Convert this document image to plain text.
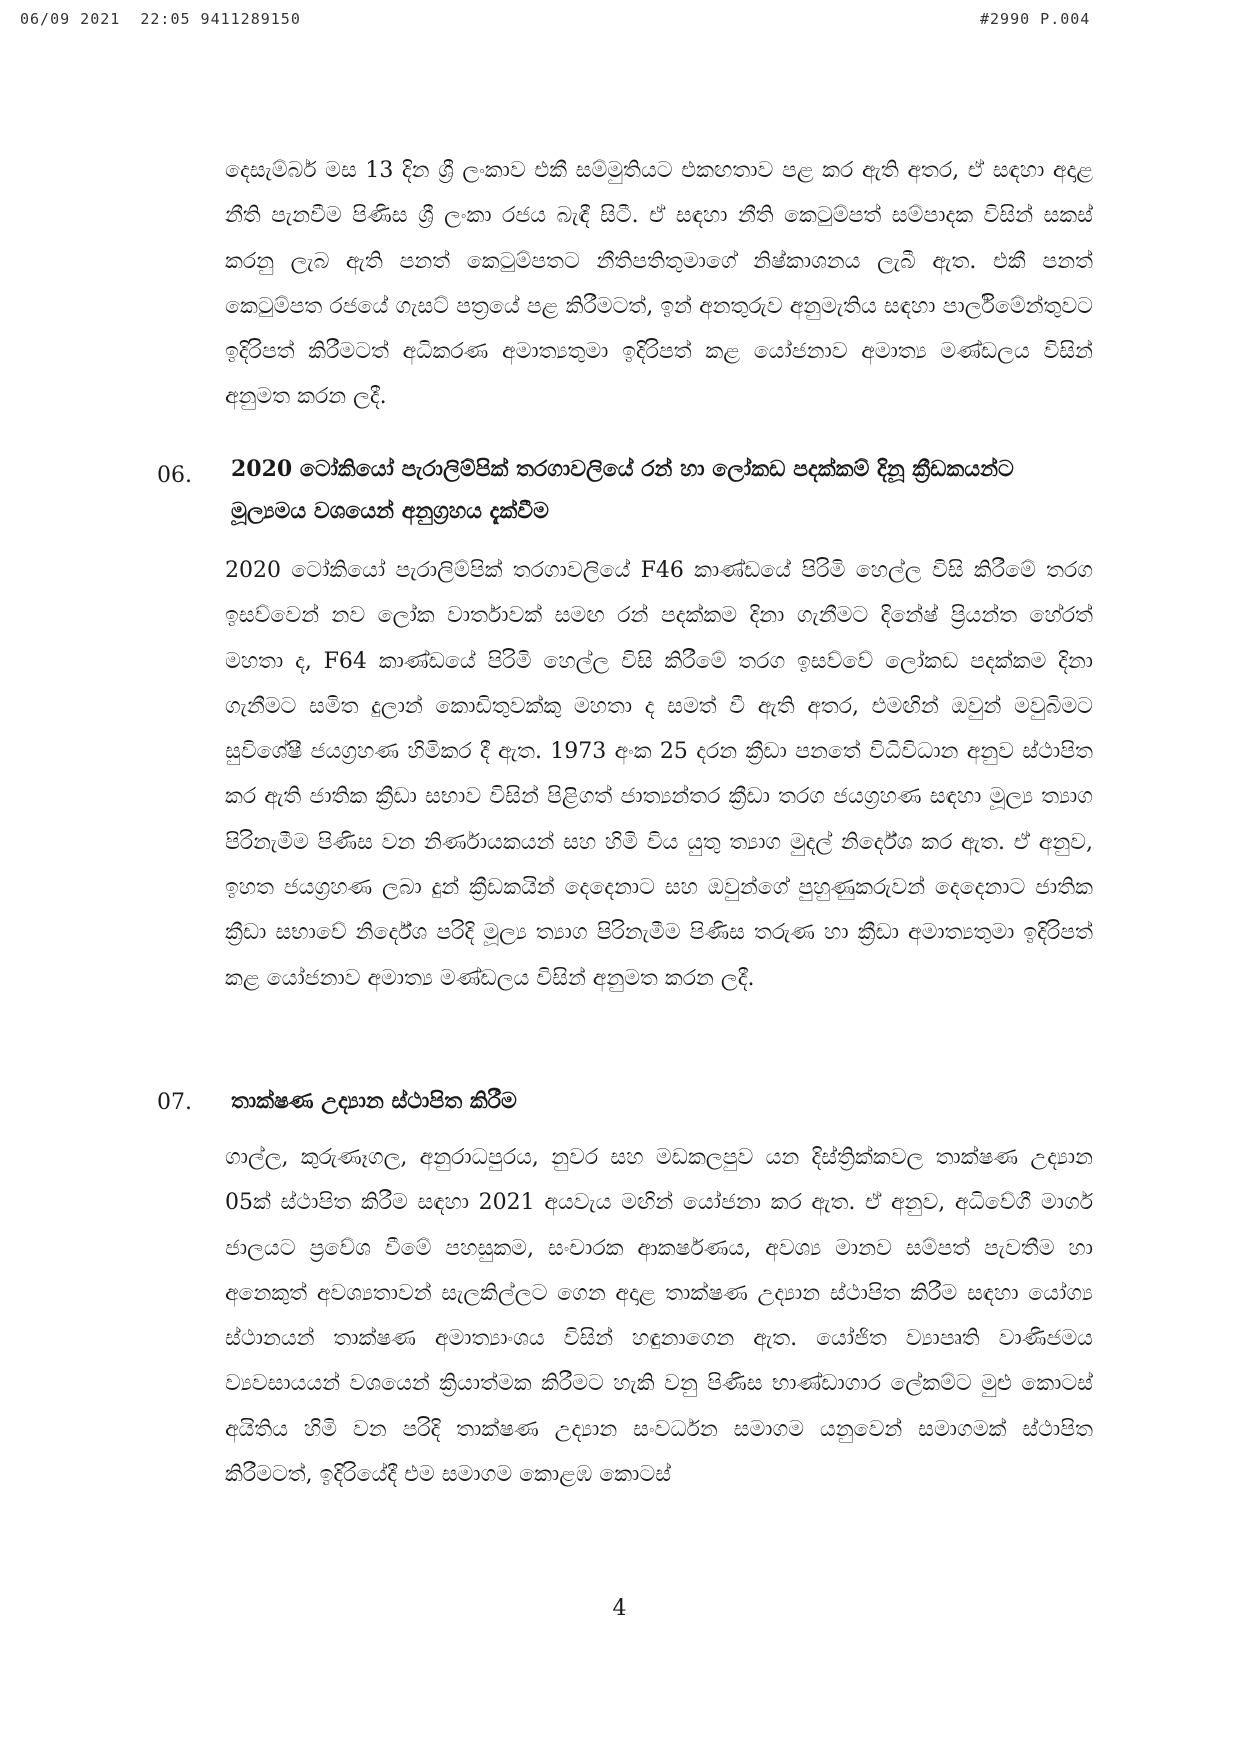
06/09 2021  22:05 9411289150	#2990 P.004

දෙසැම්බර් මස 13 දින ශ්‍රී ලංකාව එකී සම්මුතියට එකඟතාව පළ කර ඇති අතර, ඒ සඳහා අදාළ නීති පැනවීම පිණිස ශ්‍රී ලංකා රජය බැඳී සිටී. ඒ සඳහා නීති කෙටුම්පත් සම්පාදක විසින් සකස් කරනු ලැබ ඇති පනත් කෙටුම්පතට නීතිපතිතුමාගේ නිෂ්කාශනය ලැබී ඇත. එකී පනත් කෙටුම්පත රජයේ ගැසට් පත්‍රයේ පළ කිරීමටත්, ඉන් අනතුරුව අනුමැතිය සඳහා පාර්ලිමේන්තුවට ඉදිරිපත් කිරීමටත් අධිකරණ අමාත්‍යතුමා ඉදිරිපත් කළ යෝජනාව අමාත්‍ය මණ්ඩලය විසින් අනුමත කරන ලදී.

06. 2020 ටෝකියෝ පැරාලිම්පික් තරගාවලියේ රන් හා ලෝකඩ පදක්කම් දිනූ ක්‍රීඩකයන්ට මූල්‍යමය වශයෙන් අනුග්‍රහය දැක්වීම

2020 ටෝකියෝ පැරාලිම්පික් තරගාවලියේ F46 කාණ්ඩයේ පිරිමි හෙල්ල විසි කිරීමේ තරග ඉසව්වෙන් නව ලෝක වාර්තාවක් සමඟ රන් පදක්කම දිනා ගැනීමට දිනේෂ් ප්‍රියන්ත හේරත් මහතා ද, F64 කාණ්ඩයේ පිරිමි හෙල්ල විසි කිරීමේ තරග ඉසව්වේ ලෝකඩ පදක්කම දිනා ගැනීමට සමිත දුලාන් කොඩිතුවක්කු මහතා ද සමත් වී ඇති අතර, එමඟින් ඔවුන් මවුබිමට සුවිශේෂී ජයග්‍රහණ හිමිකර දී ඇත. 1973 අංක 25 දරන ක්‍රීඩා පනතේ විධිවිධාන අනුව ස්ථාපිත කර ඇති ජාතික ක්‍රීඩා සභාව විසින් පිළිගත් ජාත්‍යන්තර ක්‍රීඩා තරග ජයග්‍රහණ සඳහා මූල්‍ය ත්‍යාග පිරිනැමීම පිණිස වන නිර්ණායකයන් සහ හිමි විය යුතු ත්‍යාග මුදල් නිර්දේශ කර ඇත. ඒ අනුව, ඉහත ජයග්‍රහණ ලබා දුන් ක්‍රීඩකයින් දෙදෙනාට සහ ඔවුන්ගේ පුහුණුකරුවන් දෙදෙනාට ජාතික ක්‍රීඩා සභාවේ නිර්දේශ පරිදි මූල්‍ය ත්‍යාග පිරිනැමීම පිණිස තරුණ හා ක්‍රීඩා අමාත්‍යතුමා ඉදිරිපත් කළ යෝජනාව අමාත්‍ය මණ්ඩලය විසින් අනුමත කරන ලදී.

07. තාක්ෂණ උද්‍යාන ස්ථාපිත කිරීම

ගාල්ල, කුරුණෑගල, අනුරාධපුරය, නුවර සහ මඩකලපුව යන දිස්ත්‍රික්කවල තාක්ෂණ උද්‍යාන 05ක් ස්ථාපිත කිරීම සඳහා 2021 අයවැය මඟින් යෝජනා කර ඇත. ඒ අනුව, අධිවේගී මාර්ග ජාලයට ප්‍රවේශ වීමේ පහසුකම, සංචාරක ආකර්ෂණය, අවශ්‍ය මානව සම්පත් පැවතීම හා අනෙකුත් අවශ්‍යතාවන් සැලකිල්ලට ගෙන අදාළ තාක්ෂණ උද්‍යාන ස්ථාපිත කිරීම සඳහා යෝග්‍ය ස්ථානයන් තාක්ෂණ අමාත්‍යාංශය විසින් හඳුනාගෙන ඇත. යෝජිත ව්‍යාපෘති වාණිජමය ව්‍යවසායයන් වශයෙන් ක්‍රියාත්මක කිරීමට හැකි වනු පිණිස භාණ්ඩාගාර ලේකම්ට මුළු කොටස් අයිතිය හිමි වන පරිදි තාක්ෂණ උද්‍යාන සංවර්ධන සමාගම යනුවෙන් සමාගමක් ස්ථාපිත කිරීමටත්, ඉදිරියේදී එම සමාගම කොළඹ කොටස්

4
